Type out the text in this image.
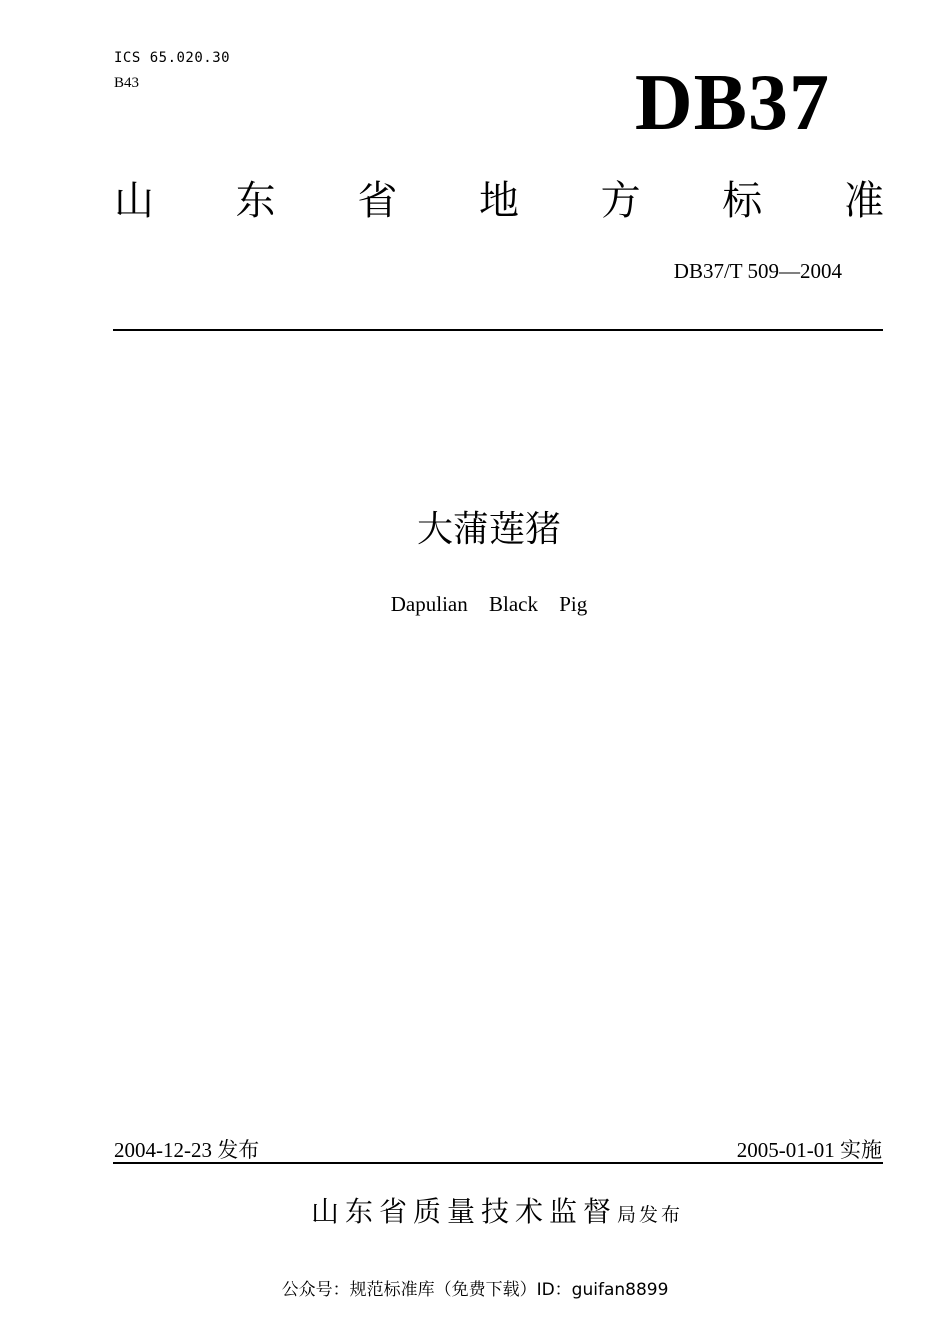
ICS 65.020.30
B43	DB37
山 东 省 地 方 标 准
DB37/T 509—2004
大蒲莲猪
Dapulian Black Pig
2004-12-23 发布	2005-01-01 实施
山东省质量技术监督局发布
公众号：规范标准库（免费下载）ID：guifan8899
